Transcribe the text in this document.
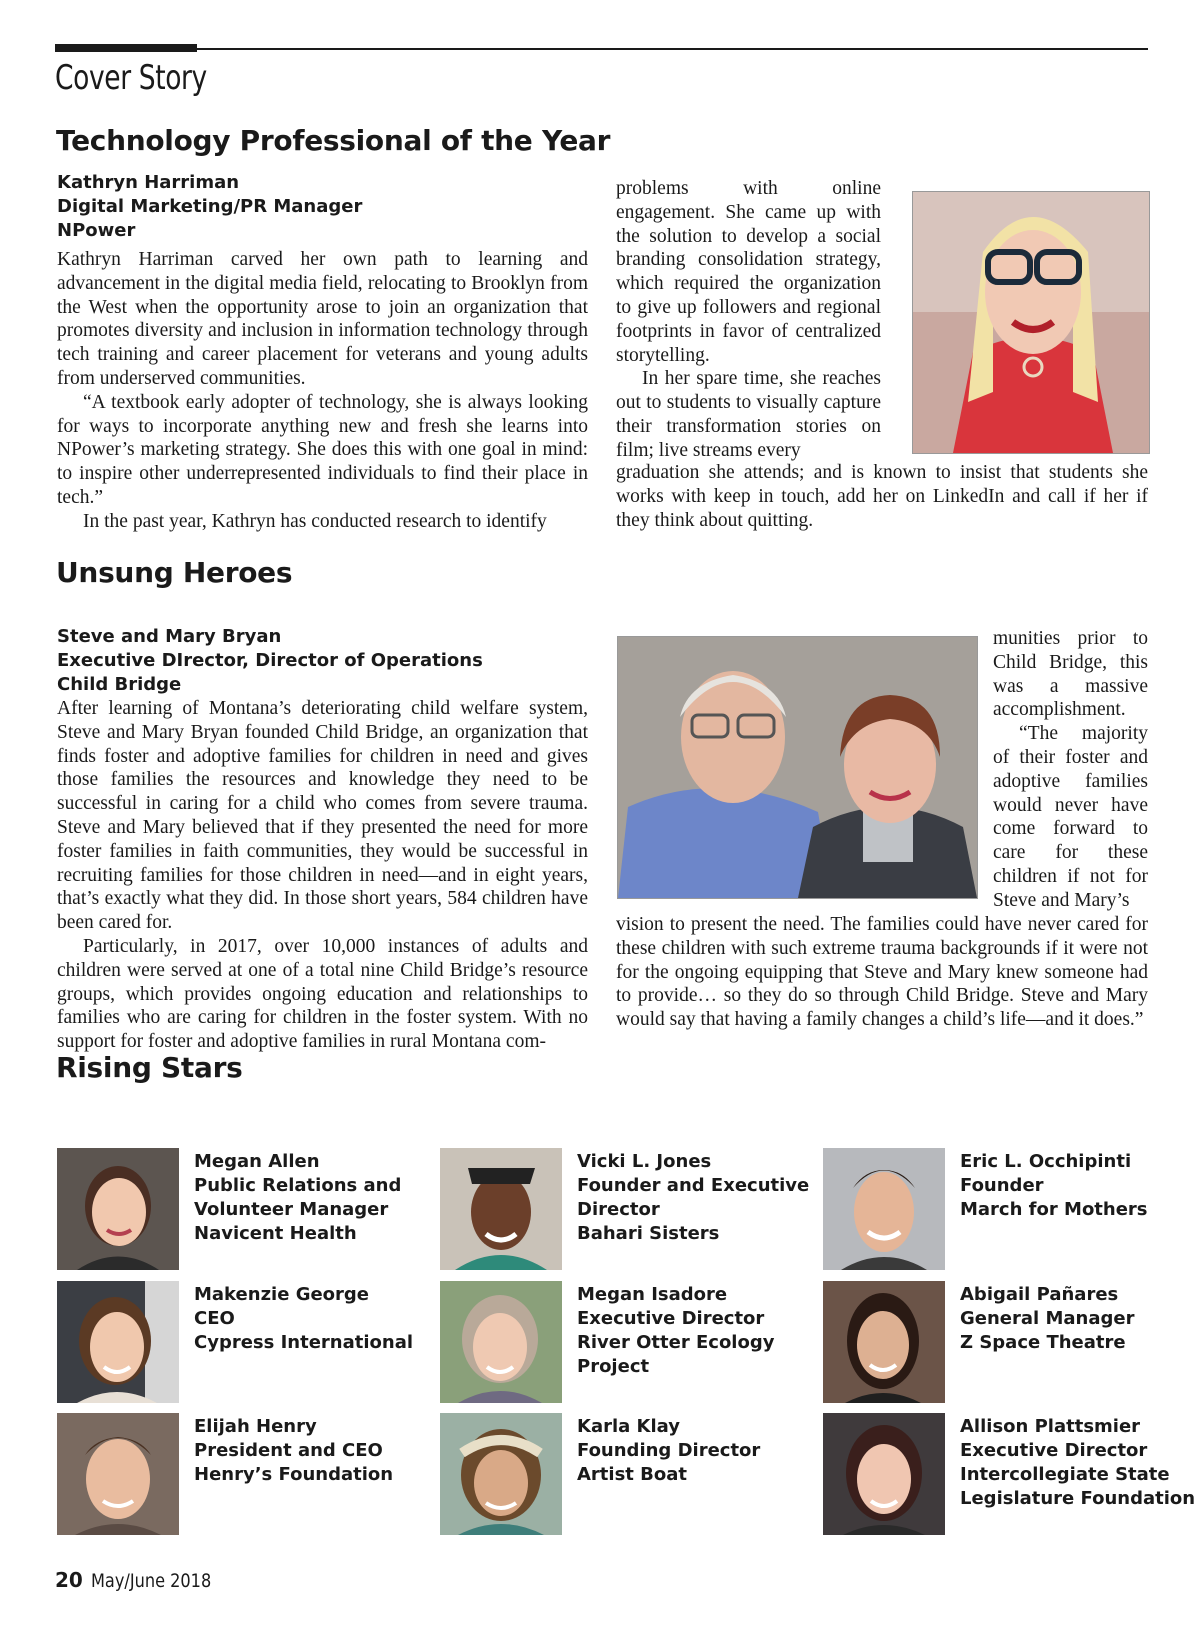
Cover Story
Technology Professional of the Year
Kathryn Harriman
Digital Marketing/PR Manager
NPower

Kathryn Harriman carved her own path to learning and advancement in the digital media field, relocating to Brooklyn from the West when the opportunity arose to join an organization that promotes diversity and inclusion in information technology through tech training and career placement for veterans and young adults from underserved communities.

“A textbook early adopter of technology, she is always looking for ways to incorporate anything new and fresh she learns into NPower’s marketing strategy. She does this with one goal in mind: to inspire other underrepresented individuals to find their place in tech.”

In the past year, Kathryn has conducted research to identify

problems with online engagement. She came up with the solution to develop a social branding consolidation strategy, which required the organization to give up followers and regional footprints in favor of centralized storytelling.

In her spare time, she reaches out to students to visually capture their transformation stories on film; live streams every

graduation she attends; and is known to insist that students she works with keep in touch, add her on LinkedIn and call if her if they think about quitting.

Unsung Heroes
Steve and Mary Bryan
Executive DIrector, Director of Operations
Child Bridge

After learning of Montana’s deteriorating child welfare system, Steve and Mary Bryan founded Child Bridge, an organization that finds foster and adoptive families for children in need and gives those families the resources and knowledge they need to be successful in caring for a child who comes from severe trauma. Steve and Mary believed that if they presented the need for more foster families in faith communities, they would be successful in recruiting families for those children in need—and in eight years, that’s exactly what they did. In those short years, 584 children have been cared for.

Particularly, in 2017, over 10,000 instances of adults and children were served at one of a total nine Child Bridge’s resource groups, which provides ongoing education and relationships to families who are caring for children in the foster system. With no support for foster and adoptive families in rural Montana com-

munities prior to Child Bridge, this was a massive accomplishment.

“The majority of their foster and adoptive families would never have come forward to care for these children if not for Steve and Mary’s

vision to present the need. The families could have never cared for these children with such extreme trauma backgrounds if it were not for the ongoing equipping that Steve and Mary knew someone had to provide… so they do so through Child Bridge. Steve and Mary would say that having a family changes a child’s life—and it does.”

Rising Stars
Megan Allen
Public Relations and
Volunteer Manager
Navicent Health
Vicki L. Jones
Founder and Executive
Director
Bahari Sisters
Eric L. Occhipinti
Founder
March for Mothers
Makenzie George
CEO
Cypress International
Megan Isadore
Executive Director
River Otter Ecology
Project
Abigail Pañares
General Manager
Z Space Theatre
Elijah Henry
President and CEO
Henry’s Foundation
Karla Klay
Founding Director
Artist Boat
Allison Plattsmier
Executive Director
Intercollegiate State
Legislature Foundation
20 May/June 2018
